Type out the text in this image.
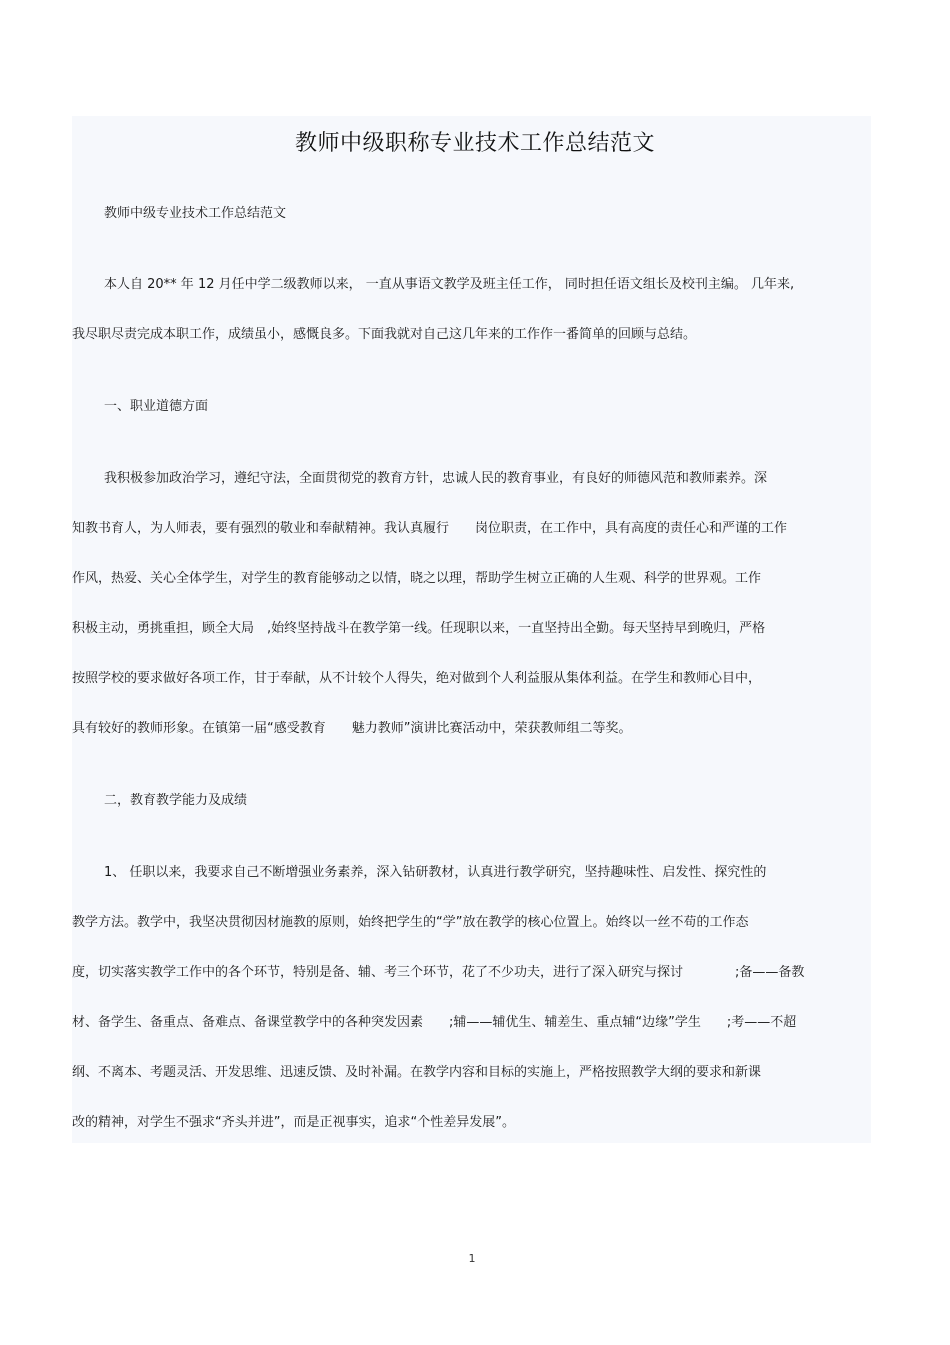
教师中级职称专业技术工作总结范文
教师中级专业技术工作总结范文
本人自 20** 年 12 月任中学二级教师以来， 一直从事语文教学及班主任工作， 同时担任语文组长及校刊主编。 几年来,
我尽职尽责完成本职工作，成绩虽小，感慨良多。下面我就对自己这几年来的工作作一番简单的回顾与总结。
一、职业道德方面
我积极参加政治学习，遵纪守法，全面贯彻党的教育方针，忠诚人民的教育事业，有良好的师德风范和教师素养。深
知教书育人，为人师表，要有强烈的敬业和奉献精神。我认真履行　　岗位职责，在工作中，具有高度的责任心和严谨的工作
作风，热爱、关心全体学生，对学生的教育能够动之以情，晓之以理，帮助学生树立正确的人生观、科学的世界观。工作
积极主动，勇挑重担，顾全大局　,始终坚持战斗在教学第一线。任现职以来，一直坚持出全勤。每天坚持早到晚归，严格
按照学校的要求做好各项工作，甘于奉献，从不计较个人得失，绝对做到个人利益服从集体利益。在学生和教师心目中，
具有较好的教师形象。在镇第一届“感受教育　　魅力教师”演讲比赛活动中，荣获教师组二等奖。
二，教育教学能力及成绩
1、 任职以来，我要求自己不断增强业务素养，深入钻研教材，认真进行教学研究，坚持趣味性、启发性、探究性的
教学方法。教学中，我坚决贯彻因材施教的原则，始终把学生的“学”放在教学的核心位置上。始终以一丝不苟的工作态
度，切实落实教学工作中的各个环节，特别是备、辅、考三个环节，花了不少功夫，进行了深入研究与探讨　　　　;备——备教
材、备学生、备重点、备难点、备课堂教学中的各种突发因素　　;辅——辅优生、辅差生、重点辅“边缘”学生　　;考——不超
纲、不离本、考题灵活、开发思维、迅速反馈、及时补漏。在教学内容和目标的实施上，严格按照教学大纲的要求和新课
改的精神，对学生不强求“齐头并进”，而是正视事实，追求“个性差异发展”。
1
